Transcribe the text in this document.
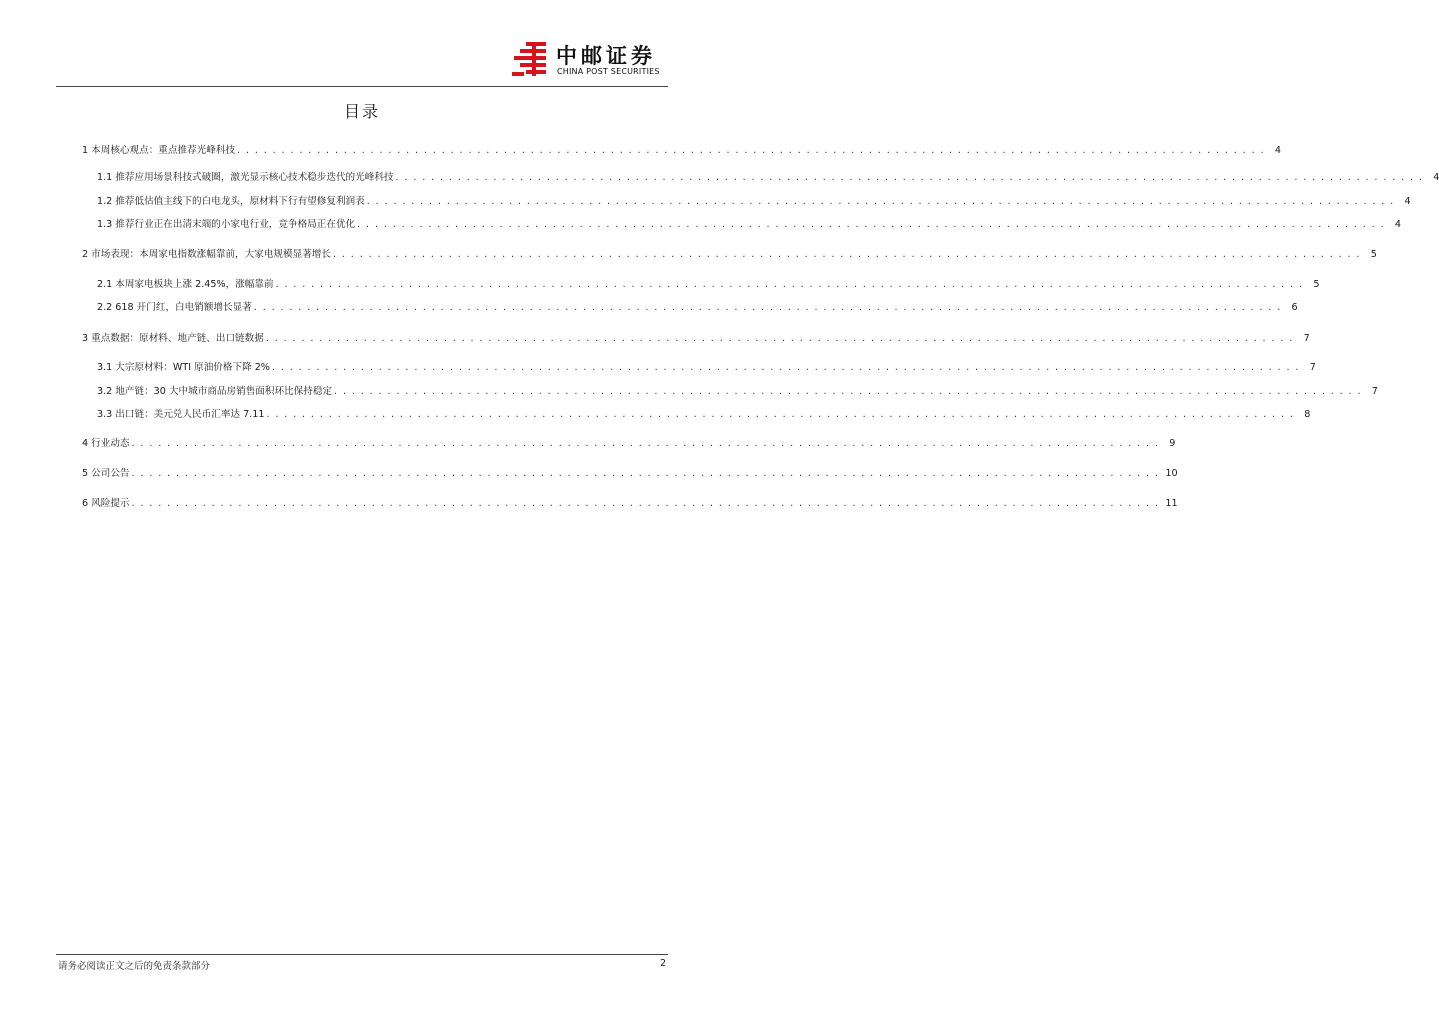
中邮证券
CHINA POST SECURITIES
目录
1 本周核心观点：重点推荐光峰科技 . . . . . . . . . . . . . . . . . . . . . . . . . . . . . . . . . . . . . . . . . . . . . . . . . . . . . . . . . . . . . . . . . . . . . . . . . . . . . . . . . . . . . . . . . . . . . . . . . . . . . . . . . . . . . . . . . . . .	4
1.1 推荐应用场景科技式破圈，激光显示核心技术稳步迭代的光峰科技 . . . . . . . . . . . . . . . . . . . . . . . . . . . . . . . . . . . . . . . . . . . . . . . . . . . . . . . . . . . . . . . . . . . . . . . . . . . . . . . . . . . . . . . . . . . . . . . . . . . . . . . . . . . . . . . . . . . .	4
1.2 推荐低估值主线下的白电龙头，原材料下行有望修复利润表 . . . . . . . . . . . . . . . . . . . . . . . . . . . . . . . . . . . . . . . . . . . . . . . . . . . . . . . . . . . . . . . . . . . . . . . . . . . . . . . . . . . . . . . . . . . . . . . . . . . . . . . . . . . . . . . . . . . .	4
1.3 推荐行业正在出清末端的小家电行业，竞争格局正在优化 . . . . . . . . . . . . . . . . . . . . . . . . . . . . . . . . . . . . . . . . . . . . . . . . . . . . . . . . . . . . . . . . . . . . . . . . . . . . . . . . . . . . . . . . . . . . . . . . . . . . . . . . . . . . . . . . . . . .	4
2 市场表现：本周家电指数涨幅靠前，大家电规模显著增长 . . . . . . . . . . . . . . . . . . . . . . . . . . . . . . . . . . . . . . . . . . . . . . . . . . . . . . . . . . . . . . . . . . . . . . . . . . . . . . . . . . . . . . . . . . . . . . . . . . . . . . . . . . . . . . . . . . . .	5
2.1 本周家电板块上涨 2.45%，涨幅靠前 . . . . . . . . . . . . . . . . . . . . . . . . . . . . . . . . . . . . . . . . . . . . . . . . . . . . . . . . . . . . . . . . . . . . . . . . . . . . . . . . . . . . . . . . . . . . . . . . . . . . . . . . . . . . . . . . . . . .	5
2.2 618 开门红，白电销额增长显著 . . . . . . . . . . . . . . . . . . . . . . . . . . . . . . . . . . . . . . . . . . . . . . . . . . . . . . . . . . . . . . . . . . . . . . . . . . . . . . . . . . . . . . . . . . . . . . . . . . . . . . . . . . . . . . . . . . . .	6
3 重点数据：原材料、地产链、出口链数据 . . . . . . . . . . . . . . . . . . . . . . . . . . . . . . . . . . . . . . . . . . . . . . . . . . . . . . . . . . . . . . . . . . . . . . . . . . . . . . . . . . . . . . . . . . . . . . . . . . . . . . . . . . . . . . . . . . . .	7
3.1 大宗原材料：WTI 原油价格下降 2% . . . . . . . . . . . . . . . . . . . . . . . . . . . . . . . . . . . . . . . . . . . . . . . . . . . . . . . . . . . . . . . . . . . . . . . . . . . . . . . . . . . . . . . . . . . . . . . . . . . . . . . . . . . . . . . . . . . .	7
3.2 地产链：30 大中城市商品房销售面积环比保持稳定 . . . . . . . . . . . . . . . . . . . . . . . . . . . . . . . . . . . . . . . . . . . . . . . . . . . . . . . . . . . . . . . . . . . . . . . . . . . . . . . . . . . . . . . . . . . . . . . . . . . . . . . . . . . . . . . . . . . .	7
3.3 出口链：美元兑人民币汇率达 7.11 . . . . . . . . . . . . . . . . . . . . . . . . . . . . . . . . . . . . . . . . . . . . . . . . . . . . . . . . . . . . . . . . . . . . . . . . . . . . . . . . . . . . . . . . . . . . . . . . . . . . . . . . . . . . . . . . . . . .	8
4 行业动态 . . . . . . . . . . . . . . . . . . . . . . . . . . . . . . . . . . . . . . . . . . . . . . . . . . . . . . . . . . . . . . . . . . . . . . . . . . . . . . . . . . . . . . . . . . . . . . . . . . . . . . . . . . . . . . . . . . . .	9
5 公司公告 . . . . . . . . . . . . . . . . . . . . . . . . . . . . . . . . . . . . . . . . . . . . . . . . . . . . . . . . . . . . . . . . . . . . . . . . . . . . . . . . . . . . . . . . . . . . . . . . . . . . . . . . . . . . . . . . . . . . 10
6 风险提示 . . . . . . . . . . . . . . . . . . . . . . . . . . . . . . . . . . . . . . . . . . . . . . . . . . . . . . . . . . . . . . . . . . . . . . . . . . . . . . . . . . . . . . . . . . . . . . . . . . . . . . . . . . . . . . . . . . . . 11
请务必阅读正文之后的免责条款部分	2
